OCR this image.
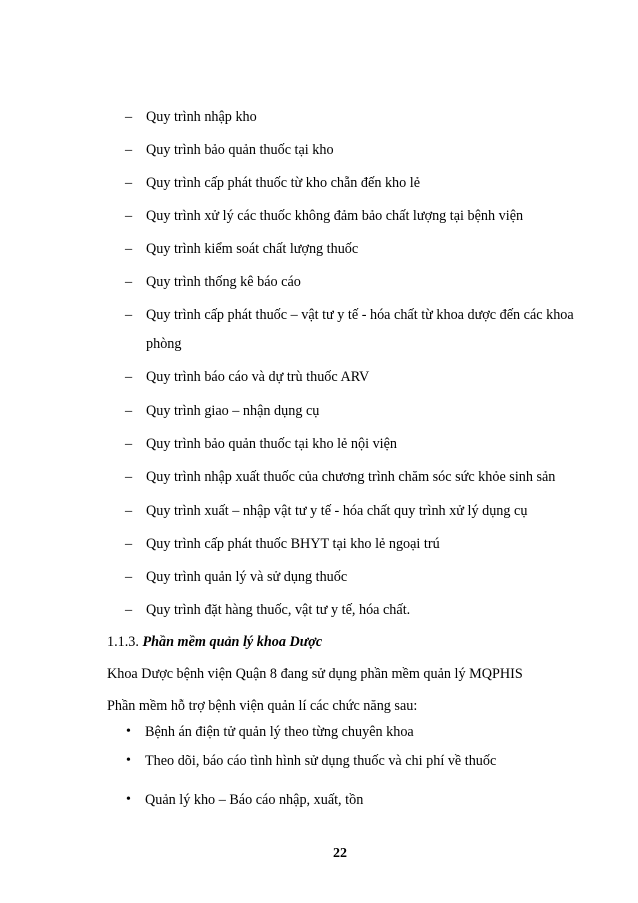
– Quy trình nhập kho
– Quy trình bảo quản thuốc tại kho
– Quy trình cấp phát thuốc từ kho chẵn đến kho lẻ
– Quy trình xử lý các thuốc không đảm bảo chất lượng tại bệnh viện
– Quy trình kiểm soát chất lượng thuốc
– Quy trình thống kê báo cáo
– Quy trình cấp phát thuốc – vật tư y tế - hóa chất từ khoa dược đến các khoa
phòng
– Quy trình báo cáo và dự trù thuốc ARV
– Quy trình giao – nhận dụng cụ
– Quy trình bảo quản thuốc tại kho lẻ nội viện
– Quy trình nhập xuất thuốc của chương trình chăm sóc sức khỏe sinh sản
– Quy trình xuất – nhập vật tư y tế - hóa chất quy trình xử lý dụng cụ
– Quy trình cấp phát thuốc BHYT tại kho lẻ ngoại trú
– Quy trình quản lý và sử dụng thuốc
– Quy trình đặt hàng thuốc, vật tư y tế, hóa chất.
1.1.3. Phần mềm quản lý khoa Dược
Khoa Dược bệnh viện Quận 8 đang sử dụng phần mềm quản lý MQPHIS
Phần mềm hỗ trợ bệnh viện quản lí các chức năng sau:
• Bệnh án điện tử quản lý theo từng chuyên khoa
• Theo dõi, báo cáo tình hình sử dụng thuốc và chi phí về thuốc
• Quản lý kho – Báo cáo nhập, xuất, tồn
22
